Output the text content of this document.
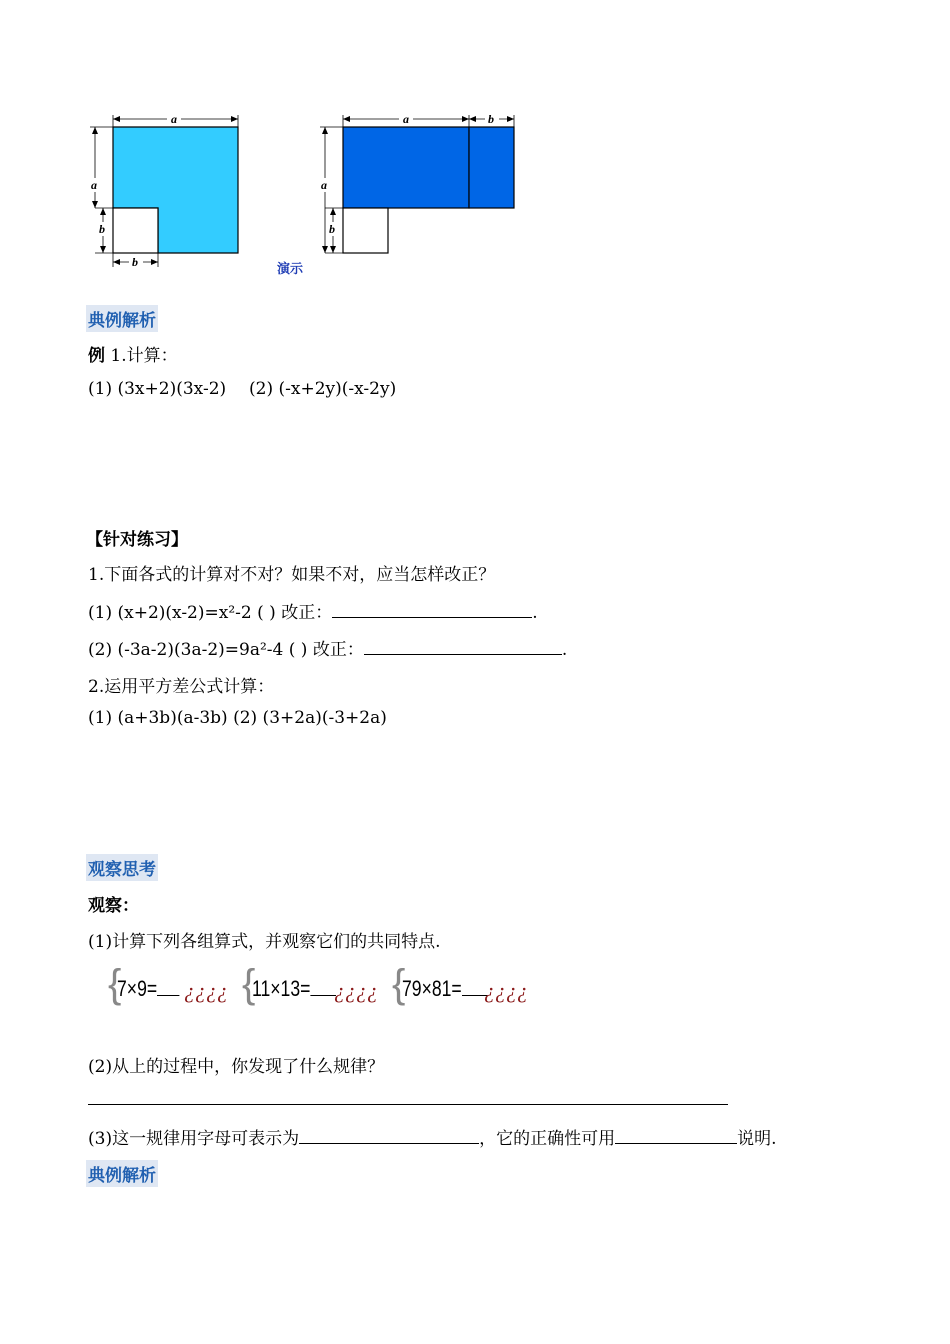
a
a
b
b
a	b
a
b
演示
典例解析
例 1.计算：
(1) (3x+2)(3x-2) (2) (-x+2y)(-x-2y)
【针对练习】
1.下面各式的计算对不对？如果不对，应当怎样改正？
(1) (x+2)(x-2)=x²-2 ( ) 改正：	.
(2) (-3a-2)(3a-2)=9a²-4 ( ) 改正：	.
2.运用平方差公式计算：
(1) (a+3b)(a-3b) (2) (3+2a)(-3+2a)
观察思考
观察：
(1)计算下列各组算式，并观察它们的共同特点.
{
7×9=	¿¿¿¿ {
11×13=	¿¿¿¿ {
79×81=	¿¿¿¿
(2)从上的过程中，你发现了什么规律？
(3)这一规律用字母可表示为	，它的正确性可用	说明.
典例解析
